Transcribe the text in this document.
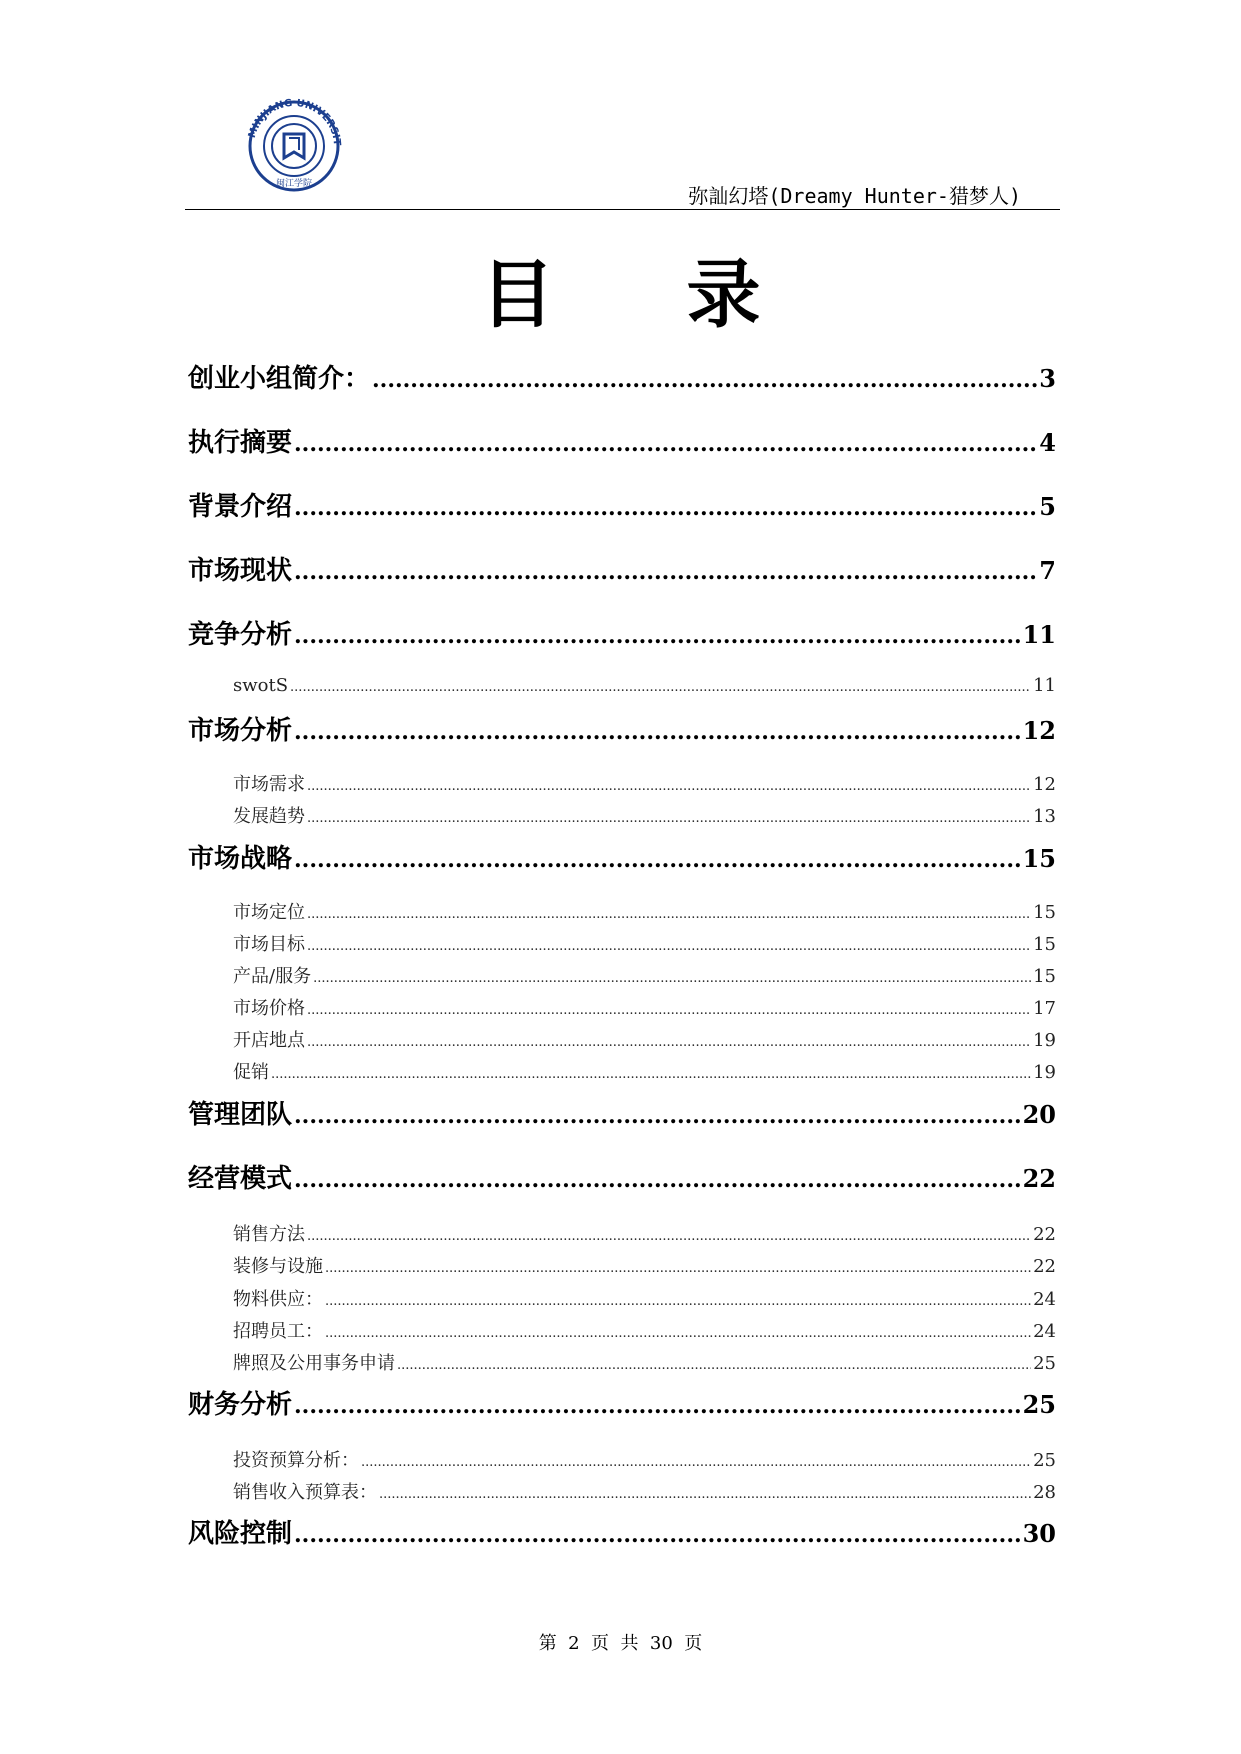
MINJIANG UNIVERSIT
闽江学院	弥訕幻塔(Dreamy Hunter-猎梦人)
目 录
创业小组简介： .....	3
执行摘要 .....	4
背景介绍 .....	5
市场现状 .....	7
竞争分析 .....	11
swotS .....	11
市场分析 .....	12
市场需求 .....	12
发展趋势 .....	13
市场战略 .....	15
市场定位 .....	15
市场目标 .....	15
产品/服务 .....	15
市场价格 .....	17
开店地点 .....	19
促销 .....	19
管理团队 .....	20
经营模式 .....	22
销售方法 .....	22
装修与设施 .....	22
物料供应： .....	24
招聘员工： .....	24
牌照及公用事务申请 .....	25
财务分析 .....	25
投资预算分析： .....	25
销售收入预算表： .....	28
风险控制 .....	30
第  2  页  共  30  页
